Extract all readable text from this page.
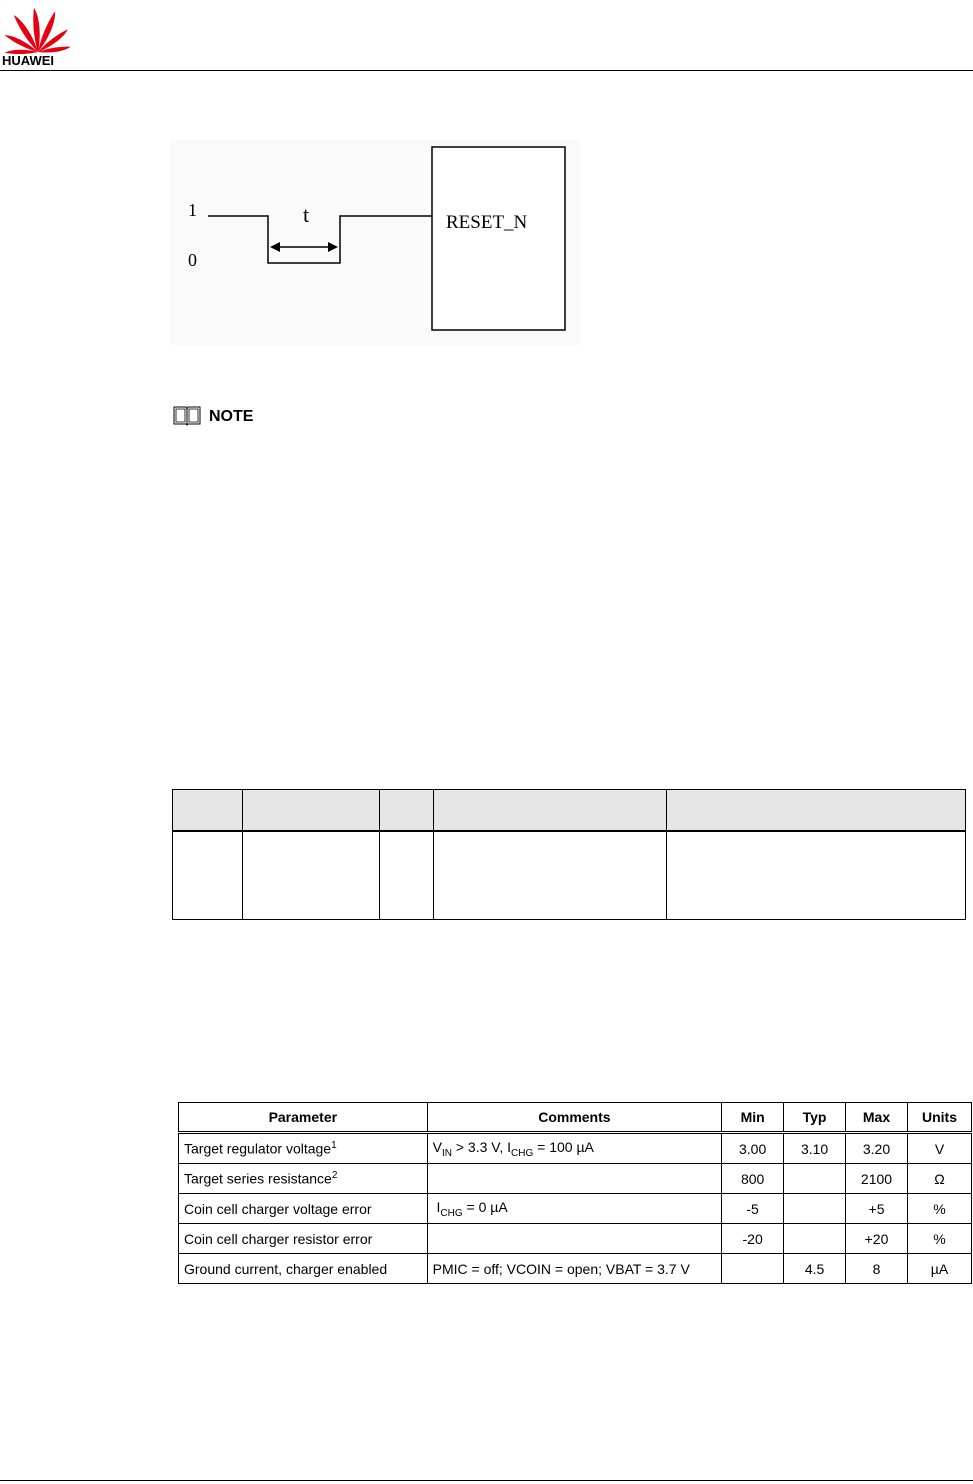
HUAWEI
1
0
t	RESET_N
NOTE

Parameter	Comments	Min	Typ	Max	Units
Target regulator voltage$^1$	$V_{IN} > 3.3$ V, $I_{CHG} = 100$ µA	3.00	3.10	3.20	V
Target series resistance$^2$		800		2100	Ω
Coin cell charger voltage error	$I_{CHG} = 0$ µA	-5		+5	%
Coin cell charger resistor error		-20		+20	%
Ground current, charger enabled	PMIC = off; VCOIN = open; VBAT = 3.7 V		4.5	8	µA
